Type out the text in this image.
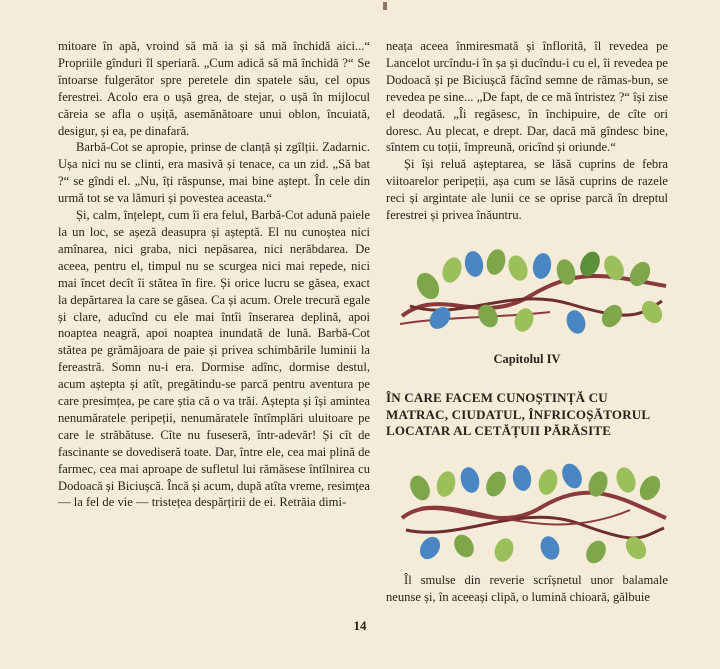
mitoare în apă, vroind să mă ia și să mă închidă aici...“ Propriile gînduri îl speriară. „Cum adică să mă închidă ?“ Se întoarse fulgerător spre peretele din spatele său, cel opus ferestrei. Acolo era o ușă grea, de stejar, o ușă în mijlocul căreia se afla o ușiță, asemănătoare unui oblon, încuiată, desigur, și ea, pe dinafară.

Barbă-Cot se apropie, prinse de clanță și zgîlții. Zadarnic. Ușa nici nu se clinti, era masivă și tenace, ca un zid. „Să bat ?“ se gîndi el. „Nu, îți răspunse, mai bine aștept. În cele din urmă tot se va lămuri și povestea aceasta.“

Și, calm, înțelept, cum îi era felul, Barbă-Cot adună paiele la un loc, se așeză deasupra și așteptă. El nu cunoștea nici amînarea, nici graba, nici nepăsarea, nici nerăbdarea. De aceea, pentru el, timpul nu se scurgea nici mai repede, nici mai încet decît îi stătea în fire. Și orice lucru se găsea, exact la depărtarea la care se găsea. Ca și acum. Orele trecură egale și clare, aducînd cu ele mai întîi înserarea deplină, apoi noaptea neagră, apoi noaptea inundată de lună. Barbă-Cot stătea pe grămăjoara de paie și privea schimbările luminii la fereastră. Somn nu-i era. Dormise adînc, dormise destul, acum aștepta și atît, pregătindu-se parcă pentru aventura pe care presimțea, pe care știa că o va trăi. Aștepta și își amintea nenumăratele peripeții, nenumăratele întîmplări uluitoare pe care le străbătuse. Cîte nu fuseseră, într-adevăr! Și cît de fascinante se dovediseră toate. Dar, între ele, cea mai plină de farmec, cea mai aproape de sufletul lui rămăsese întîlnirea cu Dodoacă și Biciușcă. Încă și acum, după atîta vreme, resimțea — la fel de vie — tristețea despărțirii de ei. Retrăia dimi-

neața aceea înmiresmată și înflorită, îl revedea pe Lancelot urcîndu-i în șa și ducîndu-i cu el, îi revedea pe Dodoacă și pe Biciușcă făcînd semne de rămas-bun, se revedea pe sine... „De fapt, de ce mă întristez ?“ își zise el deodată. „Îi regăsesc, în închipuire, de cîte ori doresc. Au plecat, e drept. Dar, dacă mă gîndesc bine, sîntem cu toții, împreună, oricînd și oriunde.“

Și își reluă așteptarea, se lăsă cuprins de febra viitoarelor peripeții, așa cum se lăsă cuprins de razele reci și argintate ale lunii ce se oprise parcă în dreptul ferestrei și privea înăuntru.

Capitolul IV
ÎN CARE FACEM CUNOȘTINȚĂ CU MATRAC, CIUDATUL, ÎNFRICOȘĂTORUL LOCATAR AL CETĂȚUII PĂRĂSITE

Îl smulse din reverie scrîșnetul unor balamale neunse și, în aceeași clipă, o lumină chioară, gălbuie

14
